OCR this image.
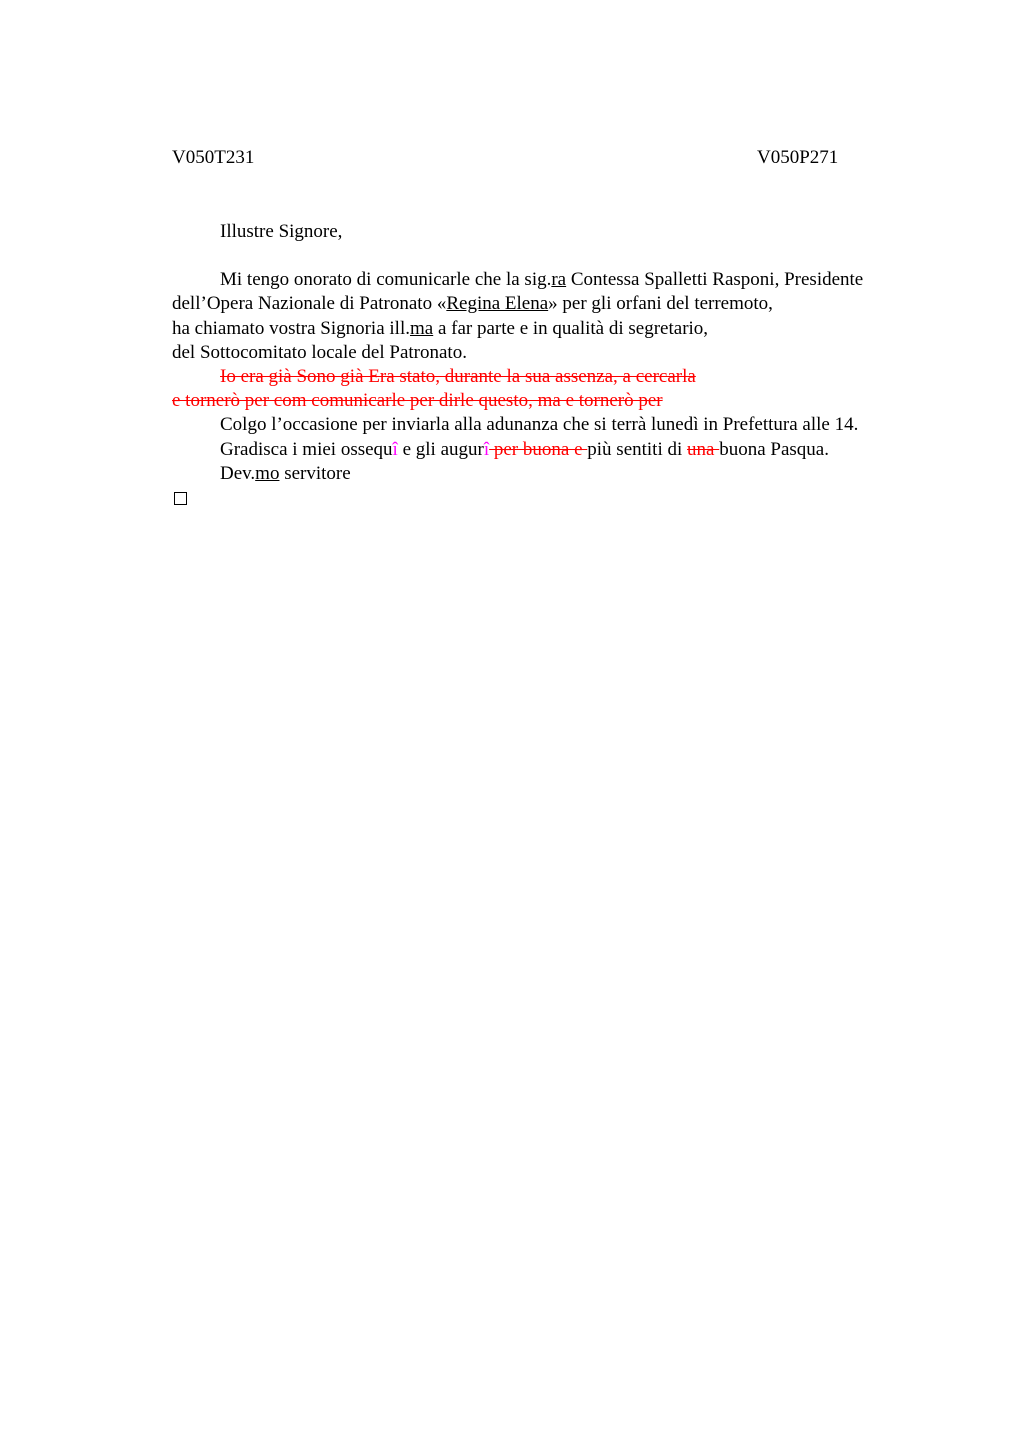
V050T231	V050P271

Illustre Signore,

Mi tengo onorato di comunicarle che la sig.ra Contessa Spalletti Rasponi, Presidente dell’Opera Nazionale di Patronato «Regina Elena» per gli orfani del terremoto,
ha chiamato vostra Signoria ill.ma a far parte e in qualità di segretario,
del Sottocomitato locale del Patronato.

Io era già Sono già Era stato, durante la sua assenza, a cercarla

e tornerò per com comunicarle per dirle questo, ma e tornerò per

Colgo l’occasione per inviarla alla adunanza che si terrà lunedì in Prefettura alle 14.

Gradisca i miei ossequî e gli augurî per buona e più sentiti di una buona Pasqua.

Dev.mo servitore
